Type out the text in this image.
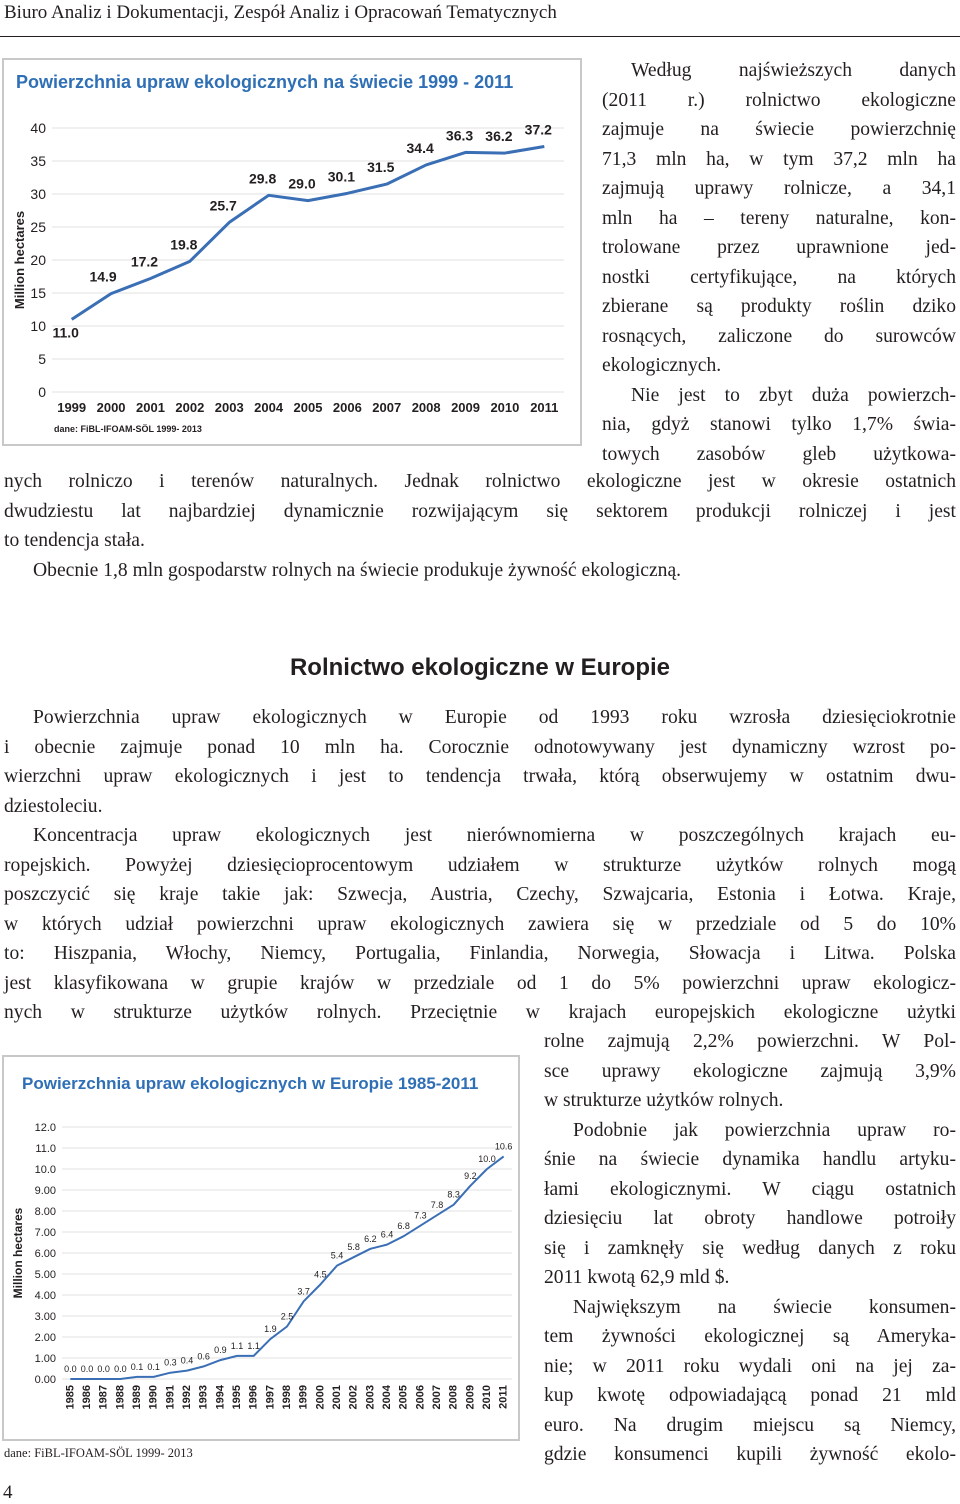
Biuro Analiz i Dokumentacji, Zespół Analiz i Opracowań Tematycznych
Powierzchnia upraw ekologicznych na świecie 1999 - 2011
0
5
10
15
20
25
30
35
40
Million hectares
1999 2000 2001 2002 2003 2004 2005 2006 2007 2008 2009 2010 2011
11.0
14.9
17.2
19.8
25.7
29.8 29.0 30.1
31.5
34.4
36.3 36.2 37.2
dane: FiBL-IFOAM-SÖL 1999- 2013
Według najświeższych danych
(2011 r.) rolnictwo ekologiczne
zajmuje na świecie powierzchnię
71,3 mln ha, w tym 37,2 mln ha
zajmują uprawy rolnicze, a 34,1
mln ha – tereny naturalne, kon-
trolowane przez uprawnione jed-
nostki certyfikujące, na których
zbierane są produkty roślin dziko
rosnących, zaliczone do surowców
ekologicznych.
Nie jest to zbyt duża powierzch-
nia, gdyż stanowi tylko 1,7% świa-
towych zasobów gleb użytkowa-
nych rolniczo i terenów naturalnych. Jednak rolnictwo ekologiczne jest w okresie ostatnich
dwudziestu lat najbardziej dynamicznie rozwijającym się sektorem produkcji rolniczej i jest
to tendencja stała.
Obecnie 1,8 mln gospodarstw rolnych na świecie produkuje żywność ekologiczną.
Rolnictwo ekologiczne w Europie
Powierzchnia upraw ekologicznych w Europie od 1993 roku wzrosła dziesięciokrotnie
i obecnie zajmuje ponad 10 mln ha. Corocznie odnotowywany jest dynamiczny wzrost po-
wierzchni upraw ekologicznych i jest to tendencja trwała, którą obserwujemy w ostatnim dwu-
dziestoleciu.
Koncentracja upraw ekologicznych jest nierównomierna w poszczególnych krajach eu-
ropejskich. Powyżej dziesięcioprocentowym udziałem w strukturze użytków rolnych mogą
poszczycić się kraje takie jak: Szwecja, Austria, Czechy, Szwajcaria, Estonia i Łotwa. Kraje,
w których udział powierzchni upraw ekologicznych zawiera się w przedziale od 5 do 10%
to: Hiszpania, Włochy, Niemcy, Portugalia, Finlandia, Norwegia, Słowacja i Litwa. Polska
jest klasyfikowana w grupie krajów w przedziale od 1 do 5% powierzchni upraw ekologicz-
nych w strukturze użytków rolnych. Przeciętnie w krajach europejskich ekologiczne użytki
Powierzchnia upraw ekologicznych w Europie 1985-2011
0.00
1.00
2.00
3.00
4.00
5.00
6.00
7.00
8.00
9.00
10.0
11.0
12.0
Million hectares
1985 1986 1987 1988 1989 1990 1991 1992 1993 1994 1995 1996 1997 1998 1999 2000 2001 2002 2003 2004 2005 2006 2007 2008 2009 2010 2011
0.0 0.0 0.0 0.0 0.1 0.1 0.3 0.4 0.6
0.9 1.1 1.1
1.9
2.5
3.7
4.5
5.4
5.8
6.2 6.4
6.8
7.3
7.8
8.3
9.2
10.0
10.6
rolne zajmują 2,2% powierzchni. W Pol-
sce uprawy ekologiczne zajmują 3,9%
w strukturze użytków rolnych.
Podobnie jak powierzchnia upraw ro-
śnie na świecie dynamika handlu artyku-
łami ekologicznymi. W ciągu ostatnich
dziesięciu lat obroty handlowe potroiły
się i zamknęły się według danych z roku
2011 kwotą 62,9 mld $.
Największym na świecie konsumen-
tem żywności ekologicznej są Ameryka-
nie; w 2011 roku wydali oni na jej za-
kup kwotę odpowiadającą ponad 21 mld
euro. Na drugim miejscu są Niemcy,
gdzie konsumenci kupili żywność ekolo-
dane: FiBL-IFOAM-SÖL 1999- 2013
4
